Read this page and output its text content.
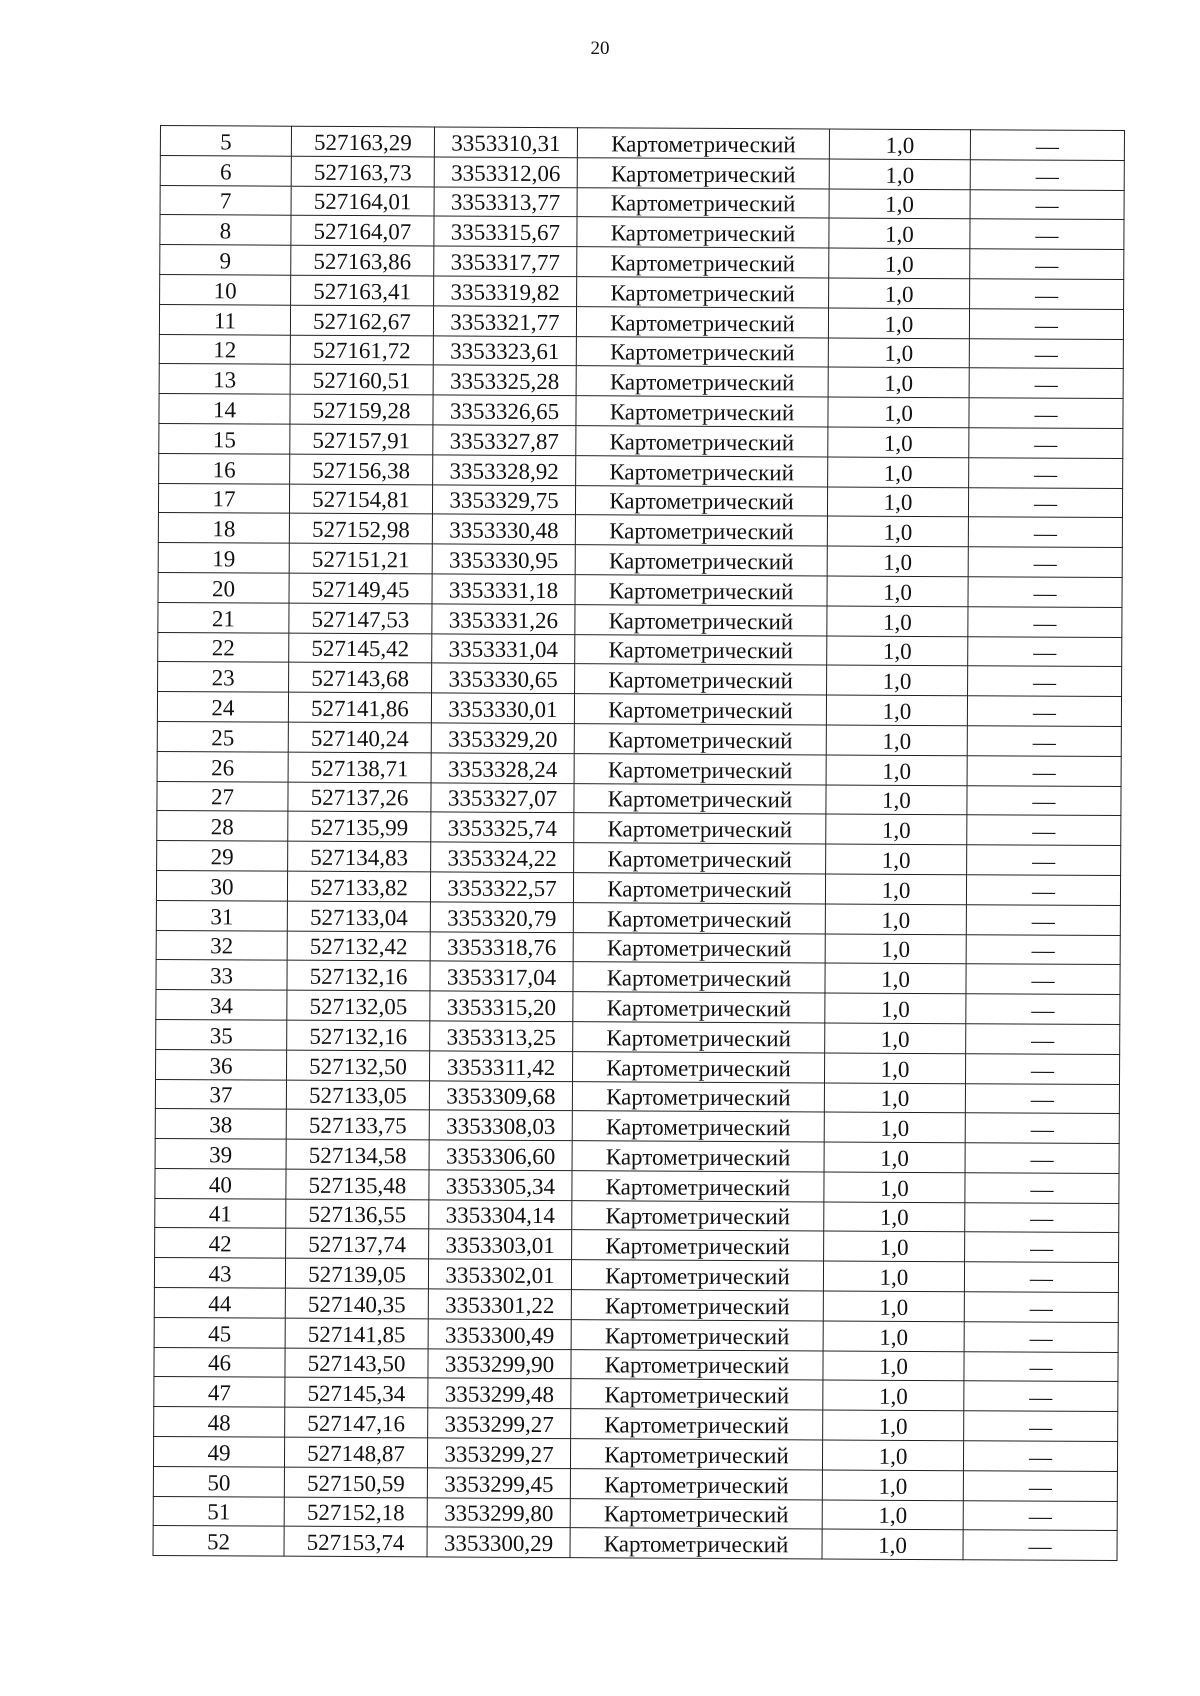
20
5	527163,29	3353310,31	Картометрический	1,0	—
6	527163,73	3353312,06	Картометрический	1,0	—
7	527164,01	3353313,77	Картометрический	1,0	—
8	527164,07	3353315,67	Картометрический	1,0	—
9	527163,86	3353317,77	Картометрический	1,0	—
10	527163,41	3353319,82	Картометрический	1,0	—
11	527162,67	3353321,77	Картометрический	1,0	—
12	527161,72	3353323,61	Картометрический	1,0	—
13	527160,51	3353325,28	Картометрический	1,0	—
14	527159,28	3353326,65	Картометрический	1,0	—
15	527157,91	3353327,87	Картометрический	1,0	—
16	527156,38	3353328,92	Картометрический	1,0	—
17	527154,81	3353329,75	Картометрический	1,0	—
18	527152,98	3353330,48	Картометрический	1,0	—
19	527151,21	3353330,95	Картометрический	1,0	—
20	527149,45	3353331,18	Картометрический	1,0	—
21	527147,53	3353331,26	Картометрический	1,0	—
22	527145,42	3353331,04	Картометрический	1,0	—
23	527143,68	3353330,65	Картометрический	1,0	—
24	527141,86	3353330,01	Картометрический	1,0	—
25	527140,24	3353329,20	Картометрический	1,0	—
26	527138,71	3353328,24	Картометрический	1,0	—
27	527137,26	3353327,07	Картометрический	1,0	—
28	527135,99	3353325,74	Картометрический	1,0	—
29	527134,83	3353324,22	Картометрический	1,0	—
30	527133,82	3353322,57	Картометрический	1,0	—
31	527133,04	3353320,79	Картометрический	1,0	—
32	527132,42	3353318,76	Картометрический	1,0	—
33	527132,16	3353317,04	Картометрический	1,0	—
34	527132,05	3353315,20	Картометрический	1,0	—
35	527132,16	3353313,25	Картометрический	1,0	—
36	527132,50	3353311,42	Картометрический	1,0	—
37	527133,05	3353309,68	Картометрический	1,0	—
38	527133,75	3353308,03	Картометрический	1,0	—
39	527134,58	3353306,60	Картометрический	1,0	—
40	527135,48	3353305,34	Картометрический	1,0	—
41	527136,55	3353304,14	Картометрический	1,0	—
42	527137,74	3353303,01	Картометрический	1,0	—
43	527139,05	3353302,01	Картометрический	1,0	—
44	527140,35	3353301,22	Картометрический	1,0	—
45	527141,85	3353300,49	Картометрический	1,0	—
46	527143,50	3353299,90	Картометрический	1,0	—
47	527145,34	3353299,48	Картометрический	1,0	—
48	527147,16	3353299,27	Картометрический	1,0	—
49	527148,87	3353299,27	Картометрический	1,0	—
50	527150,59	3353299,45	Картометрический	1,0	—
51	527152,18	3353299,80	Картометрический	1,0	—
52	527153,74	3353300,29	Картометрический	1,0	—
